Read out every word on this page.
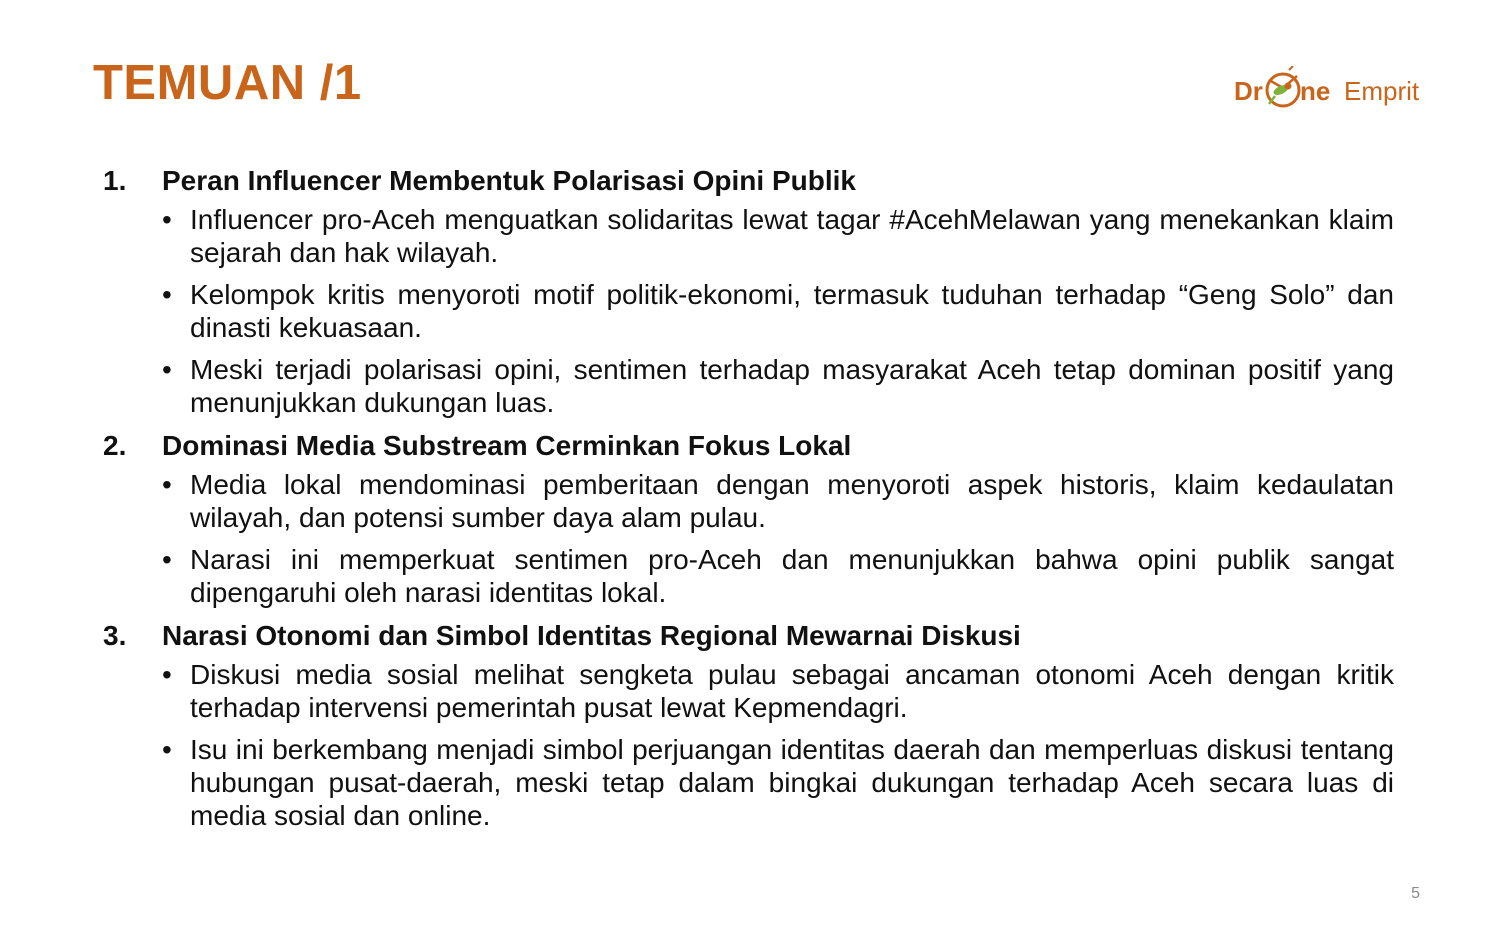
TEMUAN /1	Dr ne Emprit
1. Peran Influencer Membentuk Polarisasi Opini Publik
• Influencer pro-Aceh menguatkan solidaritas lewat tagar #AcehMelawan yang menekankan klaim sejarah dan hak wilayah.
• Kelompok kritis menyoroti motif politik-ekonomi, termasuk tuduhan terhadap “Geng Solo” dan dinasti kekuasaan.
• Meski terjadi polarisasi opini, sentimen terhadap masyarakat Aceh tetap dominan positif yang menunjukkan dukungan luas.
2. Dominasi Media Substream Cerminkan Fokus Lokal
• Media lokal mendominasi pemberitaan dengan menyoroti aspek historis, klaim kedaulatan wilayah, dan potensi sumber daya alam pulau.
• Narasi ini memperkuat sentimen pro-Aceh dan menunjukkan bahwa opini publik sangat dipengaruhi oleh narasi identitas lokal.
3. Narasi Otonomi dan Simbol Identitas Regional Mewarnai Diskusi
• Diskusi media sosial melihat sengketa pulau sebagai ancaman otonomi Aceh dengan kritik terhadap intervensi pemerintah pusat lewat Kepmendagri.
• Isu ini berkembang menjadi simbol perjuangan identitas daerah dan memperluas diskusi tentang hubungan pusat-daerah, meski tetap dalam bingkai dukungan terhadap Aceh secara luas di media sosial dan online.
5
